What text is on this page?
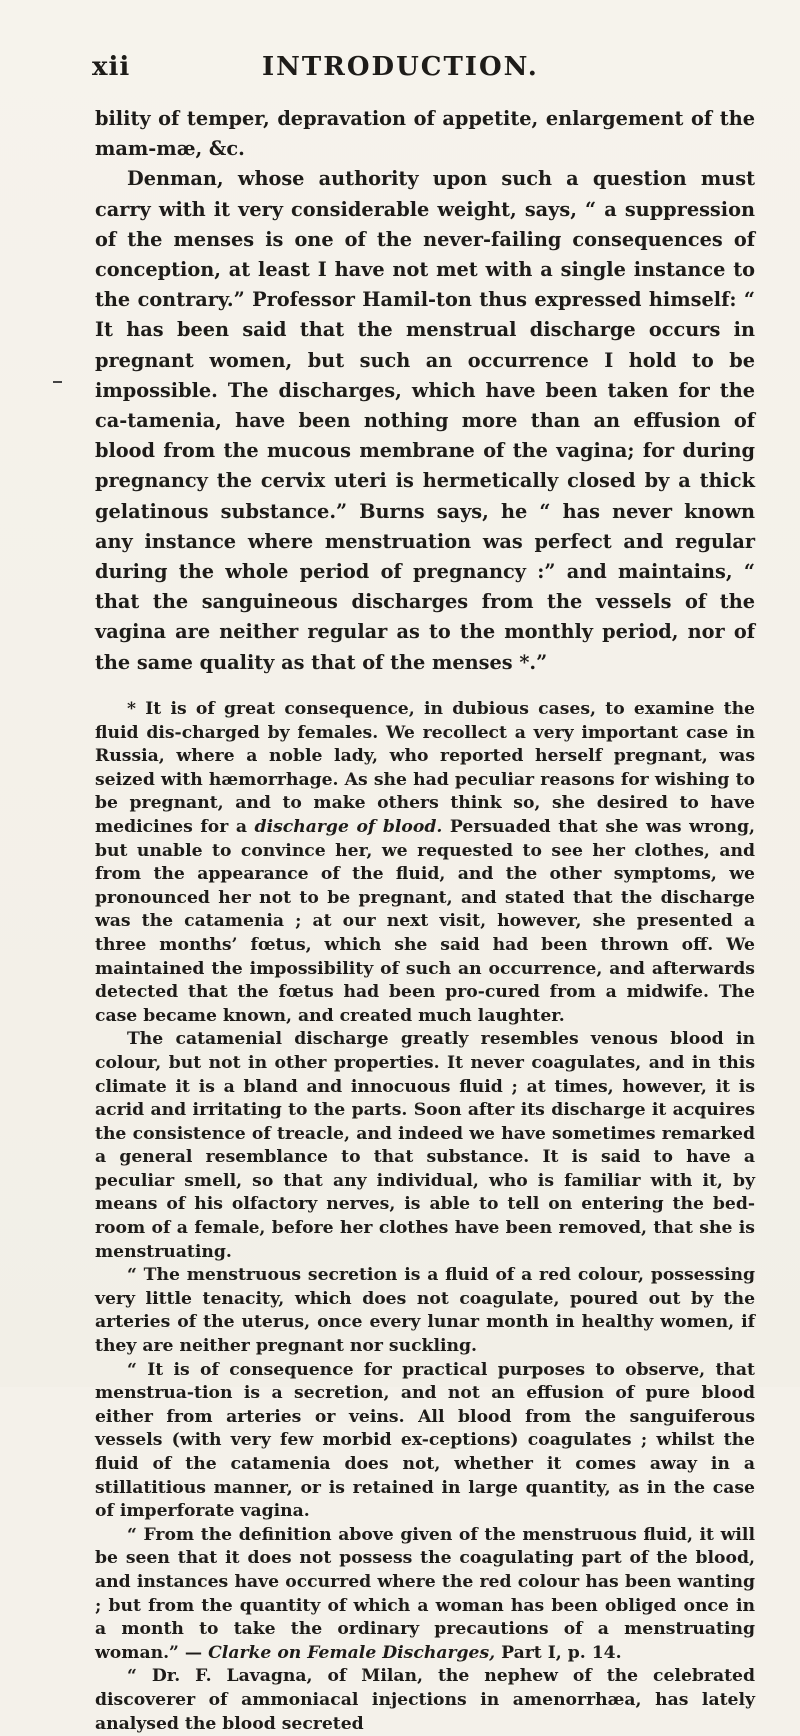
xii	INTRODUCTION.

bility of temper, depravation of appetite, enlargement of the mam-mæ, &c.

Denman, whose authority upon such a question must carry with it very considerable weight, says, “ a suppression of the menses is one of the never-failing consequences of conception, at least I have not met with a single instance to the contrary.” Professor Hamil-ton thus expressed himself: “ It has been said that the menstrual discharge occurs in pregnant women, but such an occurrence I hold to be impossible. The discharges, which have been taken for the ca-tamenia, have been nothing more than an effusion of blood from the mucous membrane of the vagina; for during pregnancy the cervix uteri is hermetically closed by a thick gelatinous substance.” Burns says, he “ has never known any instance where menstruation was perfect and regular during the whole period of pregnancy :” and maintains, “ that the sanguineous discharges from the vessels of the vagina are neither regular as to the monthly period, nor of the same quality as that of the menses *.”

* It is of great consequence, in dubious cases, to examine the fluid dis-charged by females. We recollect a very important case in Russia, where a noble lady, who reported herself pregnant, was seized with hæmorrhage. As she had peculiar reasons for wishing to be pregnant, and to make others think so, she desired to have medicines for a discharge of blood. Persuaded that she was wrong, but unable to convince her, we requested to see her clothes, and from the appearance of the fluid, and the other symptoms, we pronounced her not to be pregnant, and stated that the discharge was the catamenia ; at our next visit, however, she presented a three months’ fœtus, which she said had been thrown off. We maintained the impossibility of such an occurrence, and afterwards detected that the fœtus had been pro-cured from a midwife. The case became known, and created much laughter.

The catamenial discharge greatly resembles venous blood in colour, but not in other properties. It never coagulates, and in this climate it is a bland and innocuous fluid ; at times, however, it is acrid and irritating to the parts. Soon after its discharge it acquires the consistence of treacle, and indeed we have sometimes remarked a general resemblance to that substance. It is said to have a peculiar smell, so that any individual, who is familiar with it, by means of his olfactory nerves, is able to tell on entering the bed-room of a female, before her clothes have been removed, that she is menstruating.

“ The menstruous secretion is a fluid of a red colour, possessing very little tenacity, which does not coagulate, poured out by the arteries of the uterus, once every lunar month in healthy women, if they are neither pregnant nor suckling.

“ It is of consequence for practical purposes to observe, that menstrua-tion is a secretion, and not an effusion of pure blood either from arteries or veins. All blood from the sanguiferous vessels (with very few morbid ex-ceptions) coagulates ; whilst the fluid of the catamenia does not, whether it comes away in a stillatitious manner, or is retained in large quantity, as in the case of imperforate vagina.

“ From the definition above given of the menstruous fluid, it will be seen that it does not possess the coagulating part of the blood, and instances have occurred where the red colour has been wanting ; but from the quantity of which a woman has been obliged once in a month to take the ordinary precautions of a menstruating woman.” — Clarke on Female Discharges, Part I, p. 14.

“ Dr. F. Lavagna, of Milan, the nephew of the celebrated discoverer of ammoniacal injections in amenorrhæa, has lately analysed the blood secreted
